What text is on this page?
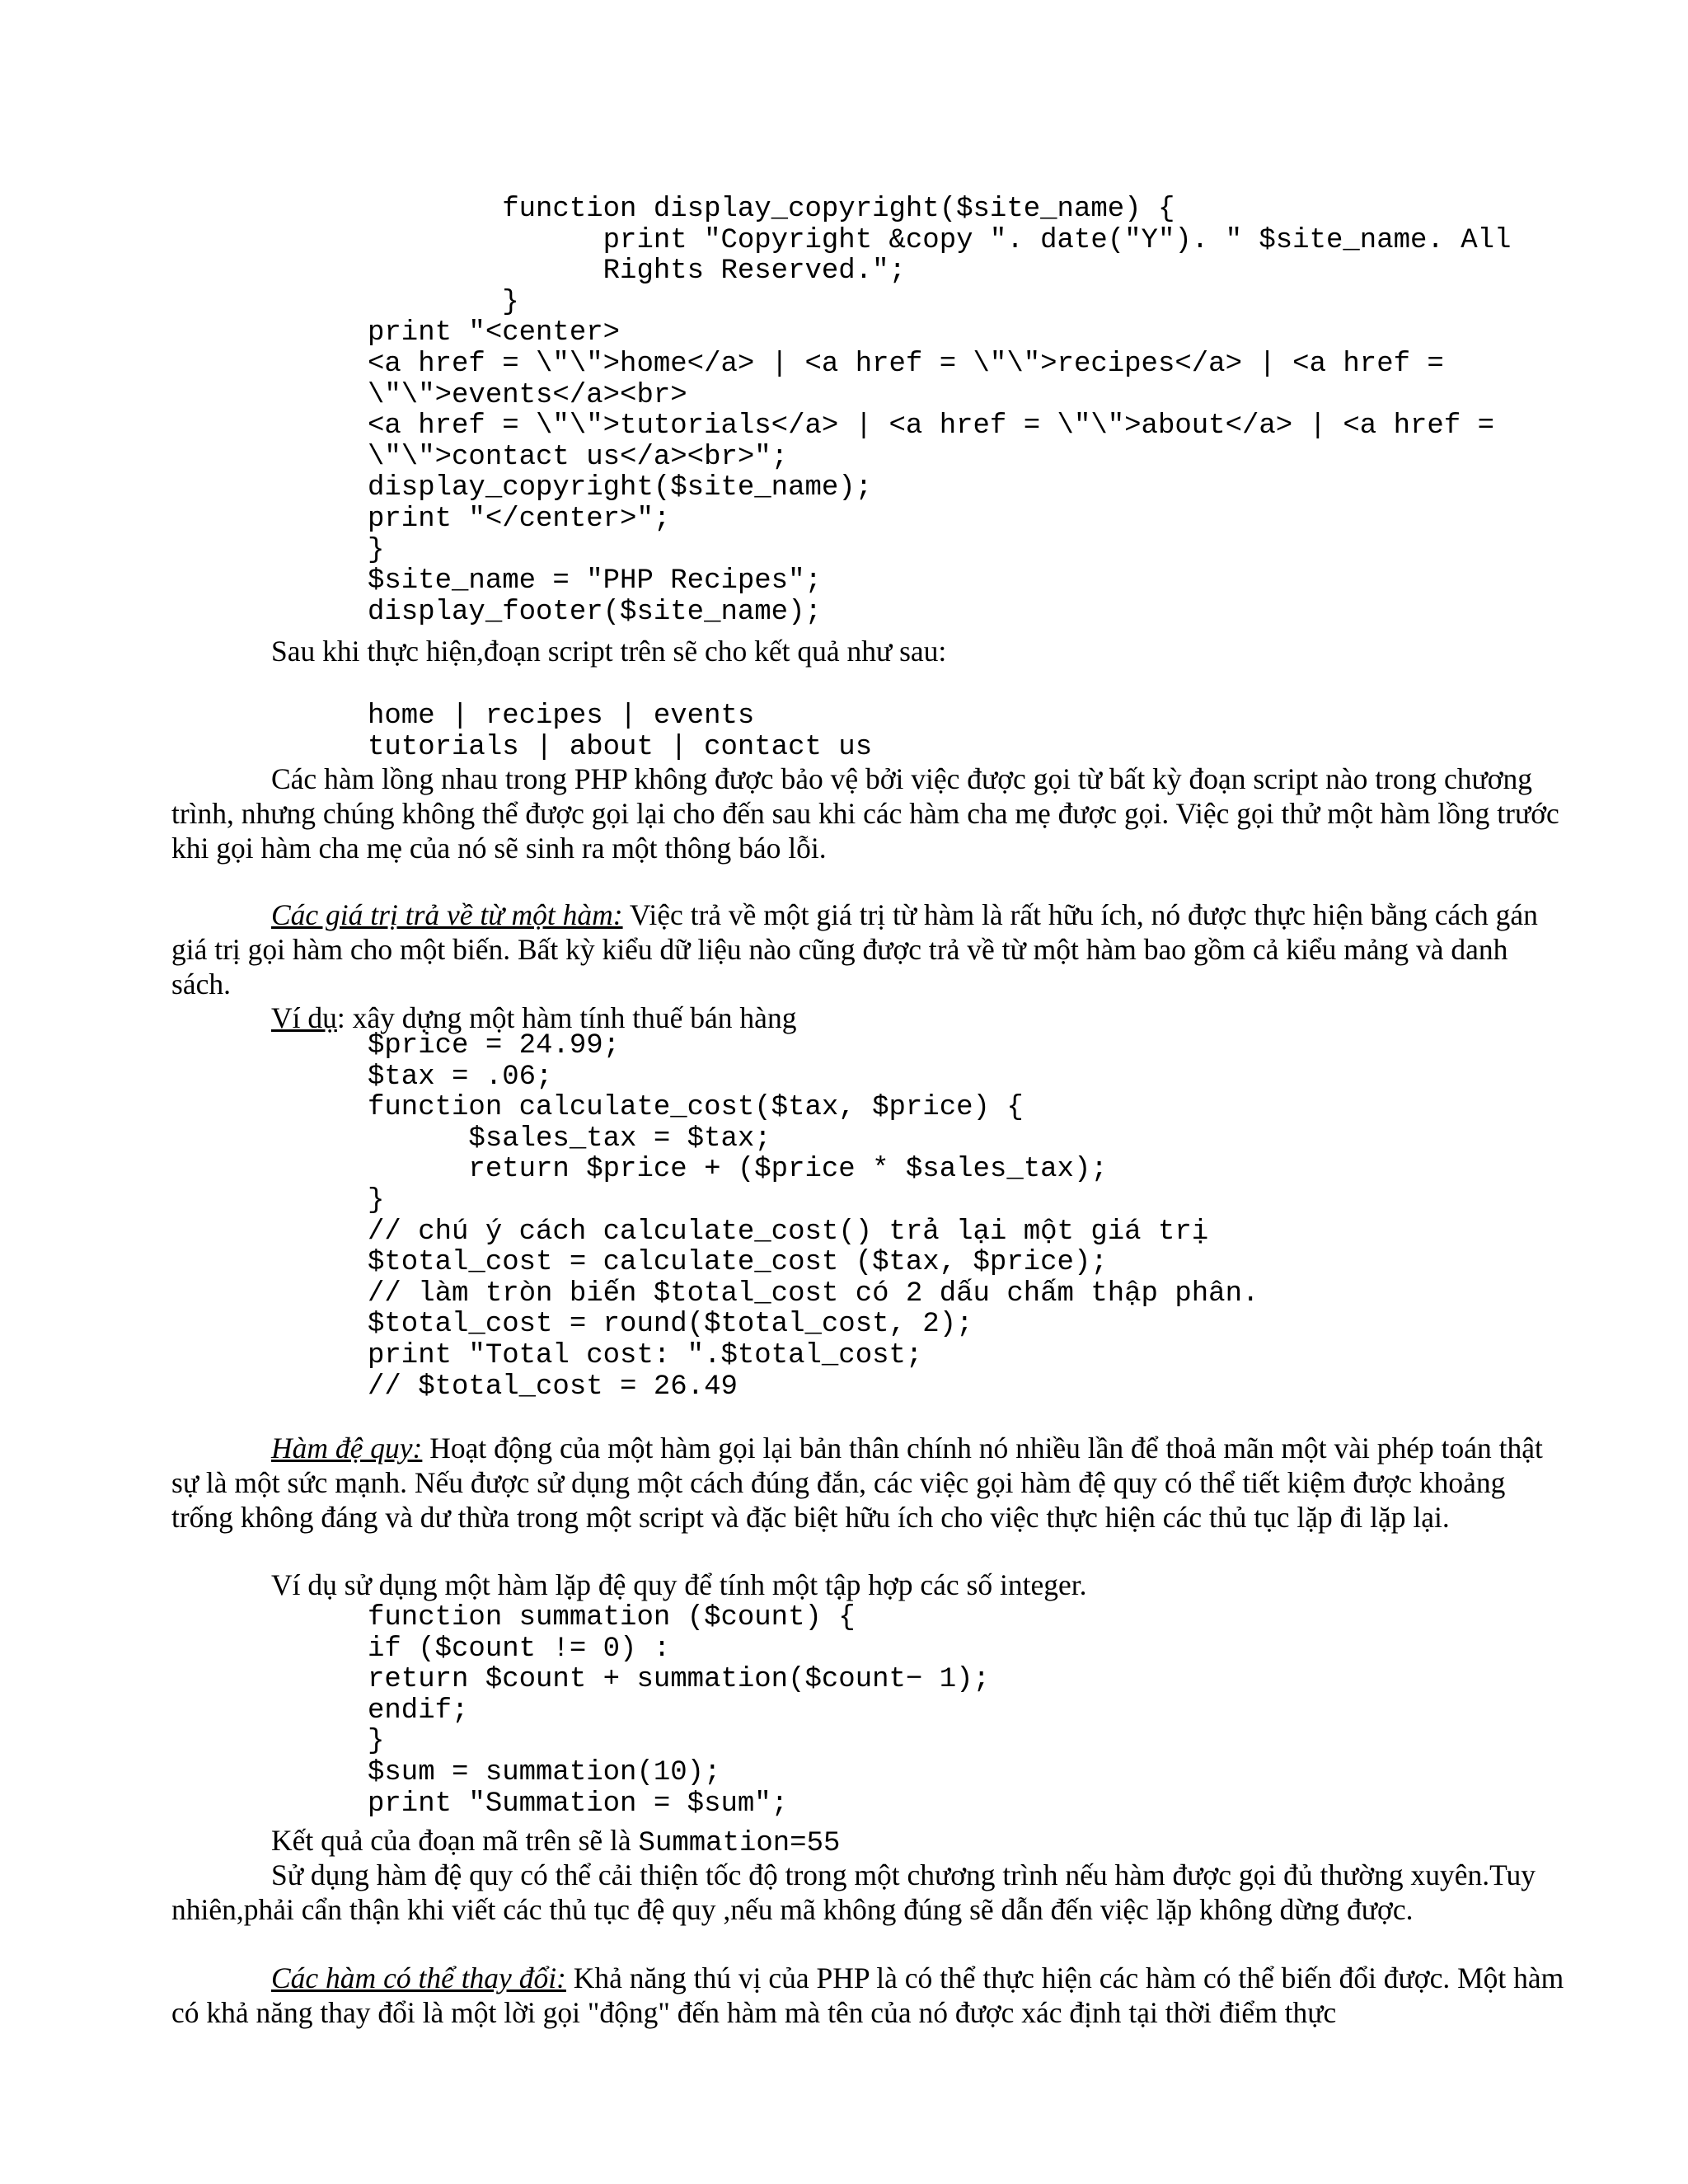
function display_copyright($site_name) {
print "Copyright &copy ". date("Y"). " $site_name. All
Rights Reserved.";
}
print "<center>
<a href = \"\">home</a> | <a href = \"\">recipes</a> | <a href =
\"\">events</a><br>
<a href = \"\">tutorials</a> | <a href = \"\">about</a> | <a href =
\"\">contact us</a><br>";
display_copyright($site_name);
print "</center>";
}
$site_name = "PHP Recipes";
display_footer($site_name);

Sau khi thực hiện,đoạn script trên sẽ cho kết quả như sau:

home | recipes | events
tutorials | about | contact us

Các hàm lồng nhau trong PHP không được bảo vệ bởi việc được gọi từ bất kỳ đoạn script nào trong chương trình, nhưng chúng không thể được gọi lại cho đến sau khi các hàm cha mẹ được gọi. Việc gọi thử một hàm lồng trước khi gọi hàm cha mẹ của nó sẽ sinh ra một thông báo lỗi.

Các giá trị trả về từ một hàm: Việc trả về một giá trị từ hàm là rất hữu ích, nó được thực hiện bằng cách gán giá trị gọi hàm cho một biến. Bất kỳ kiểu dữ liệu nào cũng được trả về từ một hàm bao gồm cả kiểu mảng và danh sách.

Ví dụ: xây dựng một hàm tính thuế bán hàng

$price = 24.99;
$tax = .06;
function calculate_cost($tax, $price) {
$sales_tax = $tax;
return $price + ($price * $sales_tax);
}
// chú ý cách calculate_cost() trả lại một giá trị
$total_cost = calculate_cost ($tax, $price);
// làm tròn biến $total_cost có 2 dấu chấm thập phân.
$total_cost = round($total_cost, 2);
print "Total cost: ".$total_cost;
// $total_cost = 26.49

Hàm đệ quy: Hoạt động của một hàm gọi lại bản thân chính nó nhiều lần để thoả mãn một vài phép toán thật sự là một sức mạnh. Nếu được sử dụng một cách đúng đắn, các việc gọi hàm đệ quy có thể tiết kiệm được khoảng trống không đáng và dư thừa trong một script và đặc biệt hữu ích cho việc thực hiện các thủ tục lặp đi lặp lại.

Ví dụ sử dụng một hàm lặp đệ quy để tính một tập hợp các số integer.

function summation ($count) {
if ($count != 0) :
return $count + summation($count− 1);
endif;
}
$sum = summation(10);
print "Summation = $sum";

Kết quả của đoạn mã trên sẽ là Summation=55

Sử dụng hàm đệ quy có thể cải thiện tốc độ trong một chương trình nếu hàm được gọi đủ thường xuyên.Tuy nhiên,phải cẩn thận khi viết các thủ tục đệ quy ,nếu mã không đúng sẽ dẫn đến việc lặp không dừng được.

Các hàm có thể thay đổi: Khả năng thú vị của PHP là có thể thực hiện các hàm có thể biến đổi được. Một hàm có khả năng thay đổi là một lời gọi "động" đến hàm mà tên của nó được xác định tại thời điểm thực
